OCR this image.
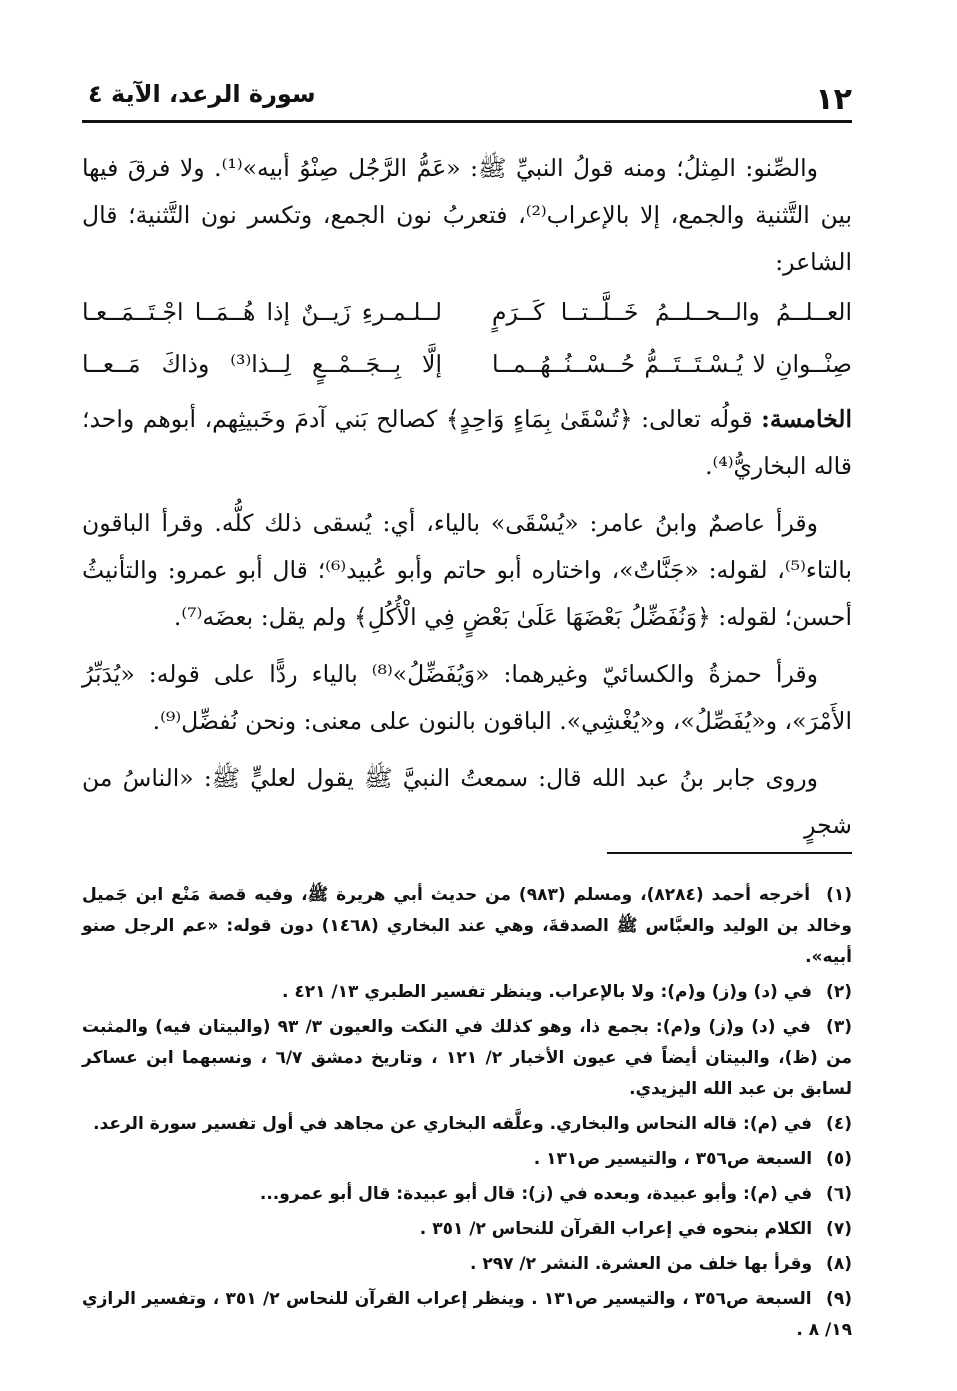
١٢
سورة الرعد، الآية ٤

والصِّنو: المِثلُ؛ ومنه قولُ النبيِّ ﷺ: «عَمُّ الرَّجُل صِنْوُ أبيه»⁽¹⁾. ولا فرقَ فيها بين التَّثنية والجمع، إلا بالإعراب⁽²⁾، فتعربُ نون الجمع، وتكسر نون التَّثنية؛ قال الشاعر:

العــلــمُ والــحــلــمُ خَــلَّــتــا كَــرَمٍ
لــلـمـرءِ زَيــنٌ إذا هُــمَــا اجْـتَــمَــعـا
صِنْــوانِ لا يُـسْـتَــتَــمُّ حُــسْــنُــهُــمــا
إلَّا بِــجَــمْــعٍ لِــذا⁽³⁾ وذاكَ مَــعــا

الخامسة: قولُه تعالى: ﴿تُسْقَىٰ بِمَاءٍ وَاحِدٍ﴾ كصالح بَني آدمَ وخَبيثِهم، أبوهم واحد؛ قاله البخاريُّ⁽⁴⁾.

وقرأ عاصمٌ وابنُ عامر: «يُسْقَى» بالياء، أي: يُسقى ذلك كلُّه. وقرأ الباقون بالتاء⁽⁵⁾، لقوله: «جَنَّاتٌ»، واختاره أبو حاتم وأبو عُبيد⁽⁶⁾؛ قال أبو عمرو: والتأنيثُ أحسن؛ لقوله: ﴿وَنُفَضِّلُ بَعْضَهَا عَلَىٰ بَعْضٍ فِي الْأُكُلِ﴾ ولم يقل: بعضَه⁽⁷⁾.

وقرأ حمزةُ والكسائيّ وغيرهما: «وَيُفَضِّلُ»⁽⁸⁾ بالياء ردًّا على قوله: «يُدَبِّرُ الأَمْرَ»، و«يُفَصِّلُ»، و«يُغْشِي». الباقون بالنون على معنى: ونحن نُفضِّل⁽⁹⁾.

وروى جابر بنُ عبد الله قال: سمعتُ النبيَّ ﷺ يقول لعليٍّ ﷺ: «الناسُ من شجرٍ

(١) أخرجه أحمد (٨٢٨٤)، ومسلم (٩٨٣) من حديث أبي هريرة ﷺ، وفيه قصة مَنْع ابن جَميل وخالد بن الوليد والعبَّاس ﷺ الصدقةَ، وهي عند البخاري (١٤٦٨) دون قوله: «عم الرجل صنو أبيه».

(٢) في (د) و(ز) و(م): ولا بالإعراب. وينظر تفسير الطبري ١٣/ ٤٢١ .

(٣) في (د) و(ز) و(م): بجمع ذا، وهو كذلك في النكت والعيون ٣/ ٩٣ (والبيتان فيه) والمثبت من (ظ)، والبيتان أيضاً في عيون الأخبار ٢/ ١٢١ ، وتاريخ دمشق ٦/٧ ، ونسبهما ابن عساكر لسابق بن عبد الله اليزيدي.

(٤) في (م): قاله النحاس والبخاري. وعلَّقه البخاري عن مجاهد في أول تفسير سورة الرعد.

(٥) السبعة ص٣٥٦ ، والتيسير ص١٣١ .

(٦) في (م): وأبو عبيدة، وبعده في (ز): قال أبو عبيدة: قال أبو عمرو...

(٧) الكلام بنحوه في إعراب القرآن للنحاس ٢/ ٣٥١ .

(٨) وقرأ بها خلف من العشرة. النشر ٢/ ٢٩٧ .

(٩) السبعة ص٣٥٦ ، والتيسير ص١٣١ . وينظر إعراب القرآن للنحاس ٢/ ٣٥١ ، وتفسير الرازي ١٩/ ٨ .
